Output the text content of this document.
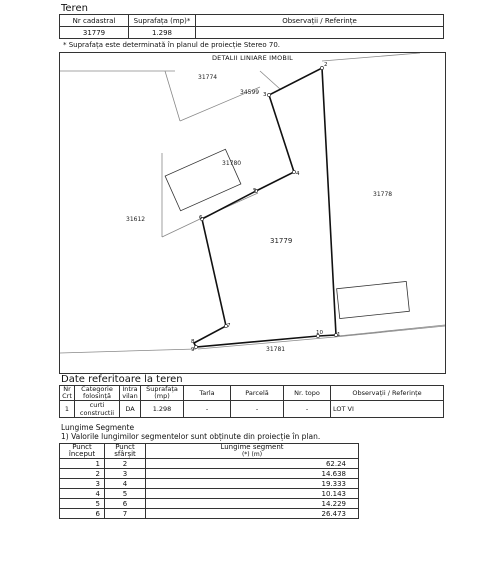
Teren
Nr cadastral	Suprafața (mp)*	Observații / Referințe
31779	1.298	
* Suprafața este determinată în planul de proiecție Stereo 70.
DETALII LINIARE IMOBIL
31774
34599
31780
31612
31779
31778
31781
2
3
4
5
6
7
8
9
10	1
Date referitoare la teren
Nr Crt	Categorie folosință	Intra vilan	Suprafața (mp)	Tarla	Parcelă	Nr. topo	Observații / Referințe
1	curti constructii	DA	1.298	-	-	-	LOT VI
Lungime Segmente
1) Valorile lungimilor segmentelor sunt obținute din proiecție în plan.
Punct început	Punct sfârșit	Lungime segment
(*) (m)
1	2	62.24
2	3	14.638
3	4	19.333
4	5	10.143
5	6	14.229
6	7	26.473
